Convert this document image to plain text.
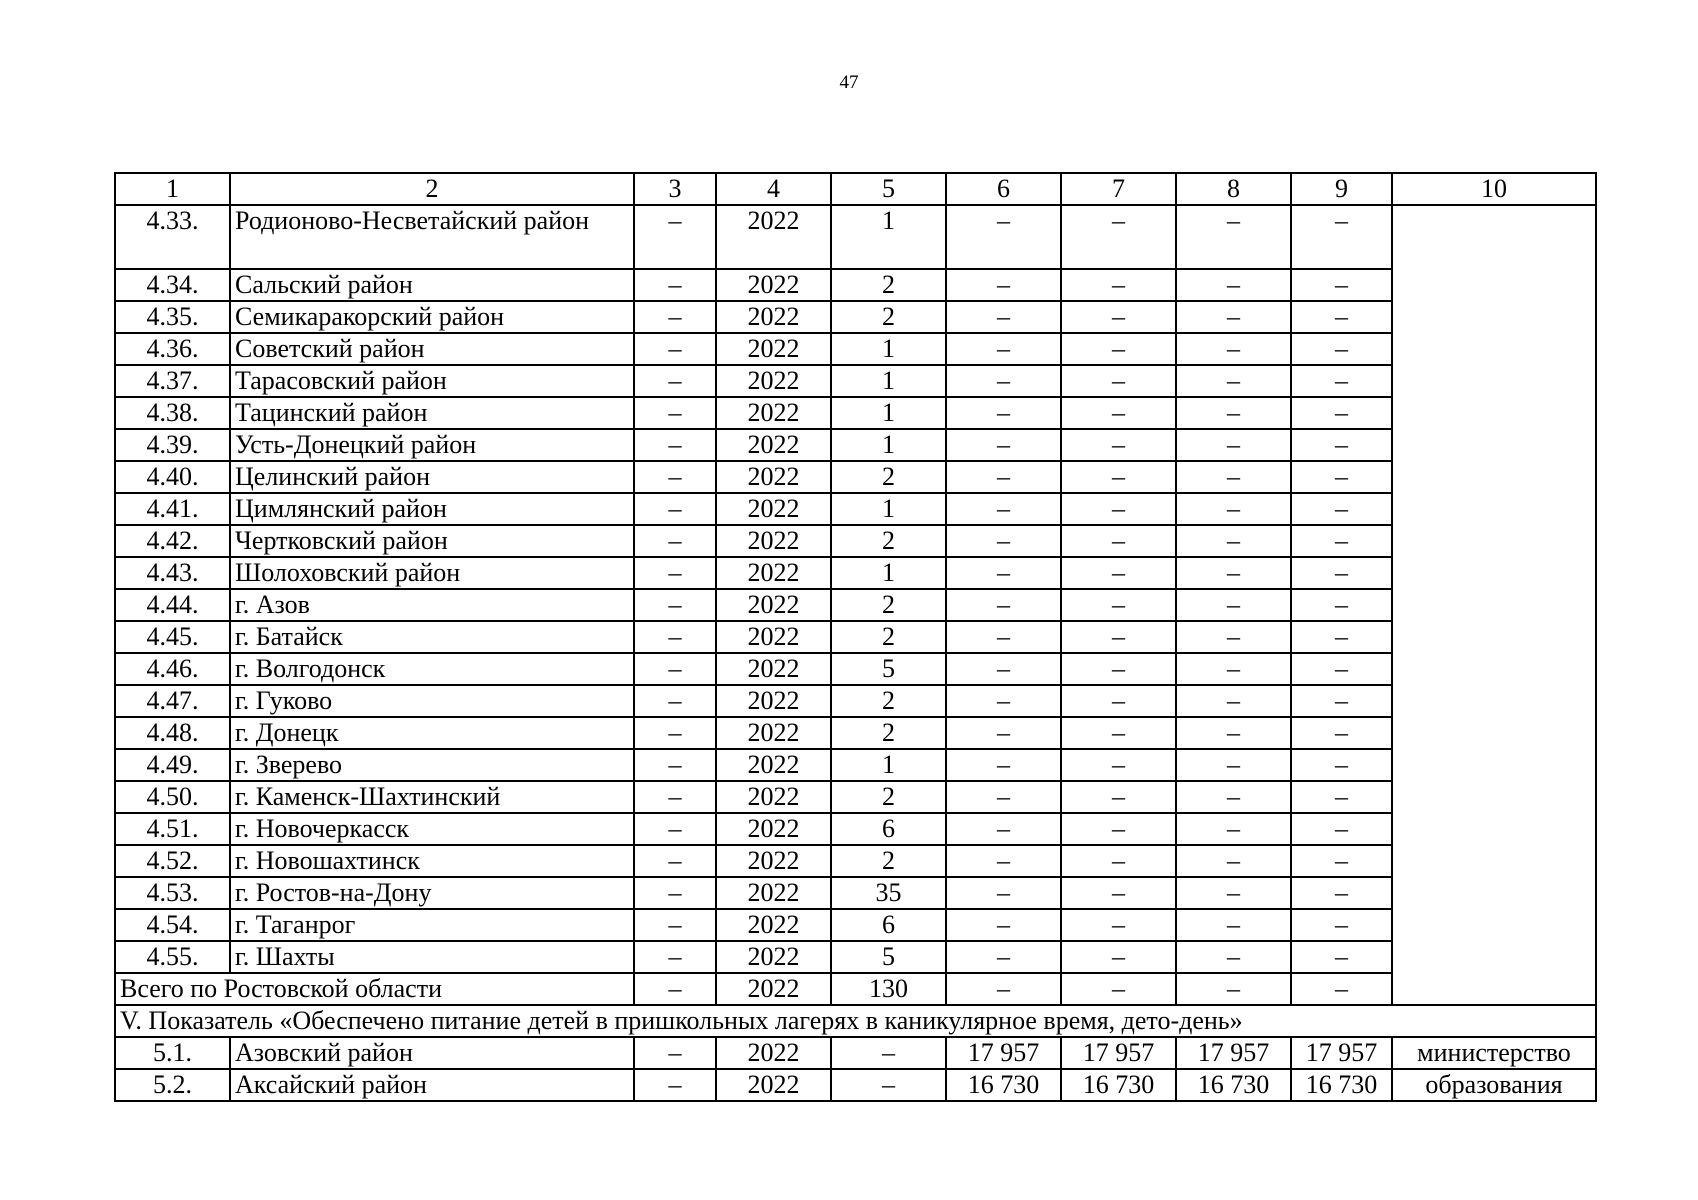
47
1	2	3	4	5	6	7	8	9	10
4.33.	Родионово-Несветайский район	–	2022	1	–	–	–	–	
4.34.	Сальский район	–	2022	2	–	–	–	–	
4.35.	Семикаракорский район	–	2022	2	–	–	–	–	
4.36.	Советский район	–	2022	1	–	–	–	–	
4.37.	Тарасовский район	–	2022	1	–	–	–	–	
4.38.	Тацинский район	–	2022	1	–	–	–	–	
4.39.	Усть-Донецкий район	–	2022	1	–	–	–	–	
4.40.	Целинский район	–	2022	2	–	–	–	–	
4.41.	Цимлянский район	–	2022	1	–	–	–	–	
4.42.	Чертковский район	–	2022	2	–	–	–	–	
4.43.	Шолоховский район	–	2022	1	–	–	–	–	
4.44.	г. Азов	–	2022	2	–	–	–	–	
4.45.	г. Батайск	–	2022	2	–	–	–	–	
4.46.	г. Волгодонск	–	2022	5	–	–	–	–	
4.47.	г. Гуково	–	2022	2	–	–	–	–	
4.48.	г. Донецк	–	2022	2	–	–	–	–	
4.49.	г. Зверево	–	2022	1	–	–	–	–	
4.50.	г. Каменск-Шахтинский	–	2022	2	–	–	–	–	
4.51.	г. Новочеркасск	–	2022	6	–	–	–	–	
4.52.	г. Новошахтинск	–	2022	2	–	–	–	–	
4.53.	г. Ростов-на-Дону	–	2022	35	–	–	–	–	
4.54.	г. Таганрог	–	2022	6	–	–	–	–	
4.55.	г. Шахты	–	2022	5	–	–	–	–	
Всего по Ростовской области		–	2022	130	–	–	–	–	
V. Показатель «Обеспечено питание детей в пришкольных лагерях в каникулярное время, дето-день»									
5.1.	Азовский район	–	2022	–	17 957	17 957	17 957	17 957	министерство
5.2.	Аксайский район	–	2022	–	16 730	16 730	16 730	16 730	образования
